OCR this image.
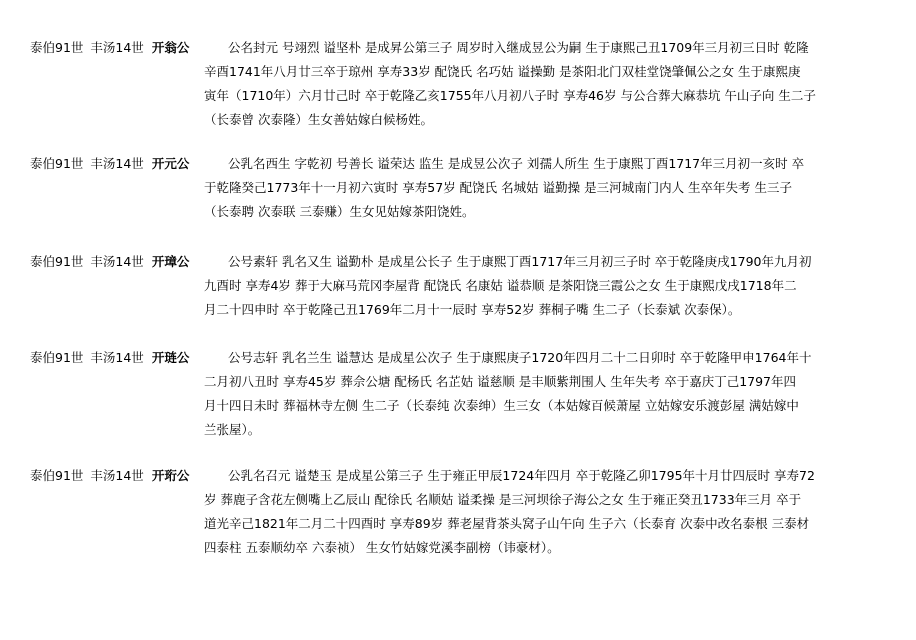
泰伯91世 丰汤14世 开翁公	公名封元 号翊烈 谥坚朴 是成昇公第三子 周岁时入继成昱公为嗣 生于康熙己丑1709年三月初三日时 乾隆
辛酉1741年八月廿三卒于琼州 享寿33岁 配饶氏 名巧姑 谥操勤 是茶阳北门双桂堂饶肇佩公之女 生于康熙庚
寅年（1710年）六月廿己时 卒于乾隆乙亥1755年八月初八子时 享寿46岁 与公合葬大麻恭坑 午山子向 生二子
（长泰曾 次泰隆）生女善姑嫁白候杨姓。
泰伯91世 丰汤14世 开元公	公乳名西生 字乾初 号善长 谥荣达 监生 是成昱公次子 刘孺人所生 生于康熙丁酉1717年三月初一亥时 卒
于乾隆癸己1773年十一月初六寅时 享寿57岁 配饶氏 名城姑 谥勤操 是三河城南门内人 生卒年失考 生三子
（长泰聘 次泰联 三泰赚）生女见姑嫁茶阳饶姓。
泰伯91世 丰汤14世 开璋公	公号素轩 乳名又生 谥勤朴 是成星公长子 生于康熙丁酉1717年三月初三子时 卒于乾隆庚戌1790年九月初
九酉时 享寿4岁 葬于大麻马荒冈李屋背 配饶氏 名康姑 谥恭顺 是茶阳饶三霞公之女 生于康熙戊戌1718年二
月二十四申时 卒于乾隆己丑1769年二月十一辰时 享寿52岁 葬桐子嘴 生二子（长泰斌 次泰保）。
泰伯91世 丰汤14世 开琏公	公号志轩 乳名兰生 谥慧达 是成星公次子 生于康熙庚子1720年四月二十二日卯时 卒于乾隆甲申1764年十
二月初八丑时 享寿45岁 葬佘公塘 配杨氏 名芷姑 谥慈顺 是丰顺紫荆围人 生年失考 卒于嘉庆丁己1797年四
月十四日未时 葬福林寺左侧 生二子（长泰纯 次泰绅）生三女（本姑嫁百候萧屋 立姑嫁安乐渡彭屋 满姑嫁中
兰张屋）。
泰伯91世 丰汤14世 开珩公	公乳名召元 谥楚玉 是成星公第三子 生于雍正甲辰1724年四月 卒于乾隆乙卯1795年十月廿四辰时 享寿72
岁 葬鹿子含花左侧嘴上乙辰山 配徐氏 名顺姑 谥柔操 是三河坝徐子海公之女 生于雍正癸丑1733年三月 卒于
道光辛己1821年二月二十四酉时 享寿89岁 葬老屋背茶头窝子山午向 生子六（长泰育 次泰中改名泰根 三泰材
四泰柱 五泰顺幼卒 六泰祯） 生女竹姑嫁党溪李副榜（讳豪材）。
